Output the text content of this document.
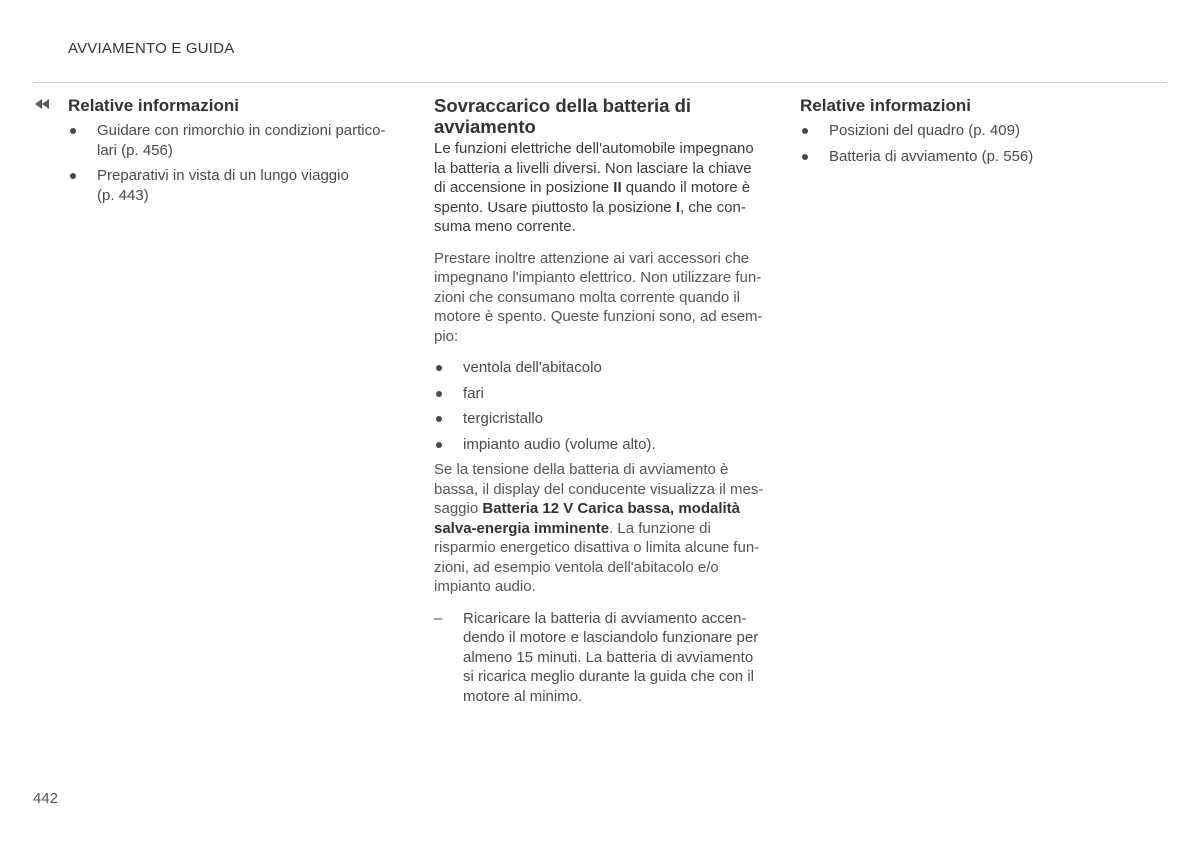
AVVIAMENTO E GUIDA
Relative informazioni
Guidare con rimorchio in condizioni partico- lari (p. 456)
Preparativi in vista di un lungo viaggio (p. 443)
Sovraccarico della batteria di avviamento

Le funzioni elettriche dell'automobile impegnano la batteria a livelli diversi. Non lasciare la chiave di accensione in posizione II quando il motore è spento. Usare piuttosto la posizione I, che con- suma meno corrente.

Prestare inoltre attenzione ai vari accessori che impegnano l'impianto elettrico. Non utilizzare fun- zioni che consumano molta corrente quando il motore è spento. Queste funzioni sono, ad esem- pio:

ventola dell'abitacolo
fari
tergicristallo
impianto audio (volume alto).

Se la tensione della batteria di avviamento è bassa, il display del conducente visualizza il mes- saggio Batteria 12 V Carica bassa, modalità salva-energia imminente. La funzione di risparmio energetico disattiva o limita alcune fun- zioni, ad esempio ventola dell'abitacolo e/o impianto audio.

– Ricaricare la batteria di avviamento accen- dendo il motore e lasciandolo funzionare per almeno 15 minuti. La batteria di avviamento si ricarica meglio durante la guida che con il motore al minimo.
Relative informazioni
Posizioni del quadro (p. 409)
Batteria di avviamento (p. 556)
442
